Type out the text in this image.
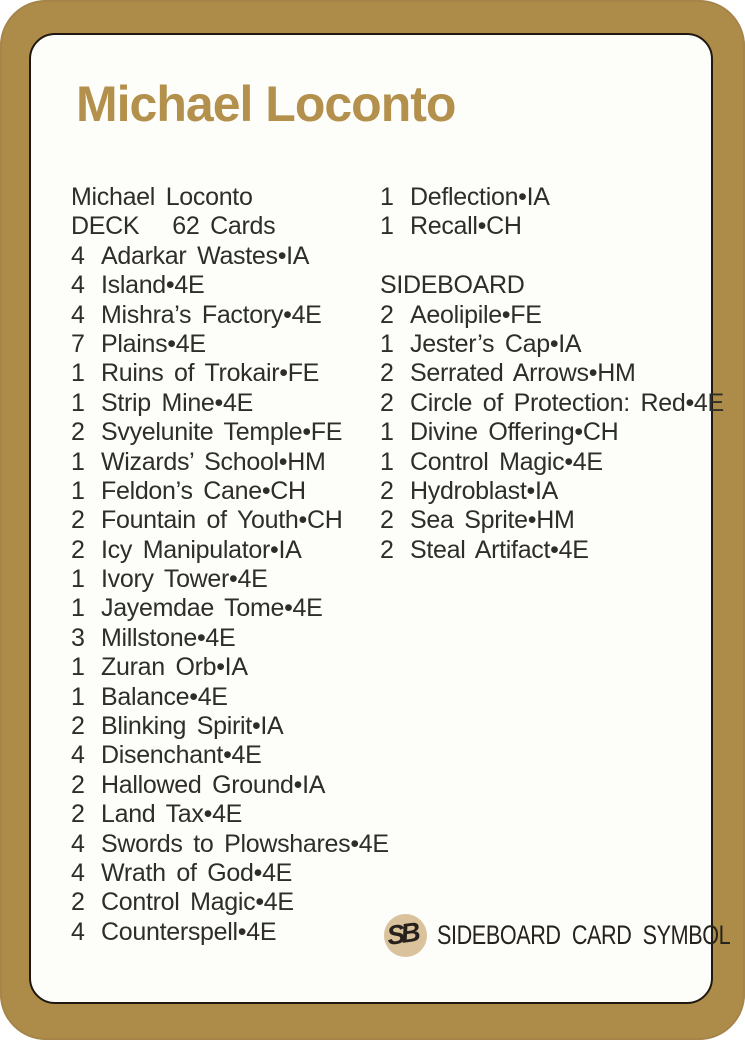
Michael Loconto
Michael Loconto
DECK 62 Cards
4 Adarkar Wastes•IA
4 Island•4E
4 Mishra’s Factory•4E
7 Plains•4E
1 Ruins of Trokair•FE
1 Strip Mine•4E
2 Svyelunite Temple•FE
1 Wizards’ School•HM
1 Feldon’s Cane•CH
2 Fountain of Youth•CH
2 Icy Manipulator•IA
1 Ivory Tower•4E
1 Jayemdae Tome•4E
3 Millstone•4E
1 Zuran Orb•IA
1 Balance•4E
2 Blinking Spirit•IA
4 Disenchant•4E
2 Hallowed Ground•IA
2 Land Tax•4E
4 Swords to Plowshares•4E
4 Wrath of God•4E
2 Control Magic•4E
4 Counterspell•4E
1 Deflection•IA
1 Recall•CH
SIDEBOARD
2 Aeolipile•FE
1 Jester’s Cap•IA
2 Serrated Arrows•HM
2 Circle of Protection: Red•4E
1 Divine Offering•CH
1 Control Magic•4E
2 Hydroblast•IA
2 Sea Sprite•HM
2 Steal Artifact•4E
SB SIDEBOARD CARD SYMBOL
